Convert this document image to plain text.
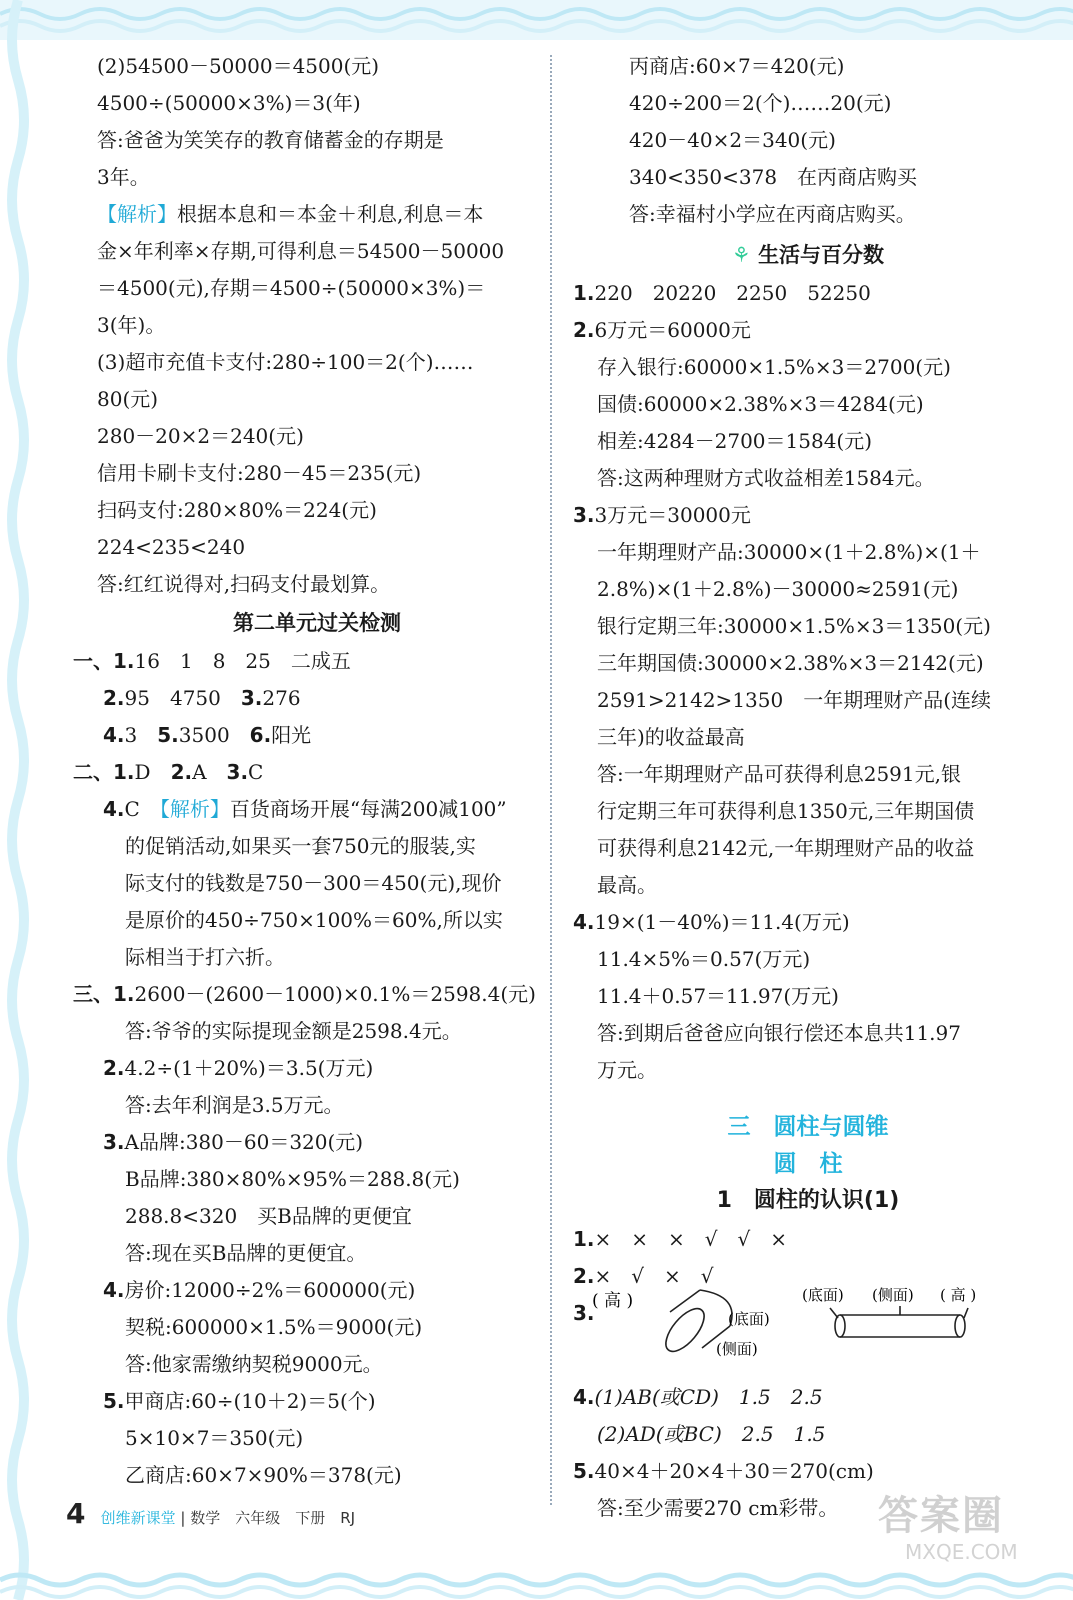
(2)54500－50000＝4500(元)
4500÷(50000×3%)＝3(年)
答:爸爸为笑笑存的教育储蓄金的存期是
3年。
【解析】根据本息和＝本金＋利息,利息＝本
金×年利率×存期,可得利息＝54500－50000
＝4500(元),存期＝4500÷(50000×3%)＝
3(年)。
(3)超市充值卡支付:280÷100＝2(个)……
80(元)
280－20×2＝240(元)
信用卡刷卡支付:280－45＝235(元)
扫码支付:280×80%＝224(元)
224<235<240
答:红红说得对,扫码支付最划算。
第二单元过关检测
一、1.16　1　8　25　二成五
2.95　4750　3.276
4.3　5.3500　6.阳光
二、1.D　2.A　3.C
4.C　【解析】百货商场开展“每满200减100”
的促销活动,如果买一套750元的服装,实
际支付的钱数是750－300＝450(元),现价
是原价的450÷750×100%＝60%,所以实
际相当于打六折。
三、1.2600－(2600－1000)×0.1%＝2598.4(元)
答:爷爷的实际提现金额是2598.4元。
2.4.2÷(1＋20%)＝3.5(万元)
答:去年利润是3.5万元。
3.A品牌:380－60＝320(元)
B品牌:380×80%×95%＝288.8(元)
288.8<320　买B品牌的更便宜
答:现在买B品牌的更便宜。
4.房价:12000÷2%＝600000(元)
契税:600000×1.5%＝9000(元)
答:他家需缴纳契税9000元。
5.甲商店:60÷(10＋2)＝5(个)
5×10×7＝350(元)
乙商店:60×7×90%＝378(元)
丙商店:60×7＝420(元)
420÷200＝2(个)……20(元)
420－40×2＝340(元)
340<350<378　在丙商店购买
答:幸福村小学应在丙商店购买。
⚘ 生活与百分数
1.220　20220　2250　52250
2.6万元＝60000元
存入银行:60000×1.5%×3＝2700(元)
国债:60000×2.38%×3＝4284(元)
相差:4284－2700＝1584(元)
答:这两种理财方式收益相差1584元。
3.3万元＝30000元
一年期理财产品:30000×(1＋2.8%)×(1＋
2.8%)×(1＋2.8%)－30000≈2591(元)
银行定期三年:30000×1.5%×3＝1350(元)
三年期国债:30000×2.38%×3＝2142(元)
2591>2142>1350　一年期理财产品(连续
三年)的收益最高
答:一年期理财产品可获得利息2591元,银
行定期三年可获得利息1350元,三年期国债
可获得利息2142元,一年期理财产品的收益
最高。
4.19×(1－40%)＝11.4(万元)
11.4×5%＝0.57(万元)
11.4＋0.57＝11.97(万元)
答:到期后爸爸应向银行偿还本息共11.97
万元。
三　圆柱与圆锥
圆　柱
1　圆柱的认识(1)
1.×　×　×　√　√　×
2.×　√　×　√
3.
4.(1)AB(或CD)　1.5　2.5
(2)AD(或BC)　2.5　1.5
5.40×4＋20×4＋30＝270(cm)
答:至少需要270 cm彩带。
( 高 )
(底面)
(侧面)
(底面) (侧面) ( 高 )
4 创维新课堂 | 数学　六年级　下册　RJ	答案圈
MXQE.COM
